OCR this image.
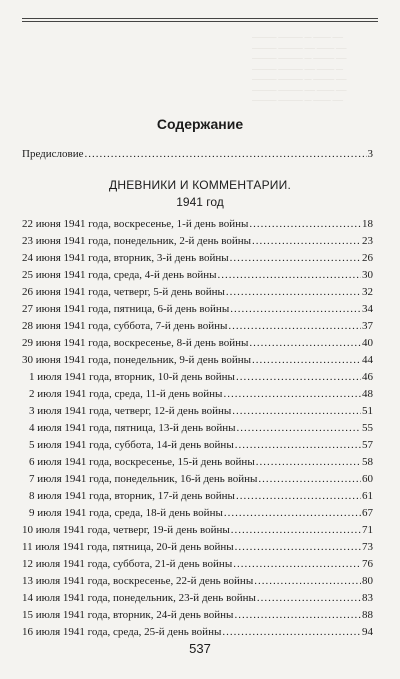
_______ _______ __ _____ ___
_______ _______ ___ _____ ___
_______ _______ __ ______ ___
_______ _______ ___ _____ __
_______ _______ __ ______ ___
_______ _______ ___ _____ ___
_______ _______ __ _____ ___
Содержание
Предисловие .....	3
ДНЕВНИКИ И КОММЕНТАРИИ.
1941 год
22 июня 1941 года, воскресенье, 1-й день войны .....	18
23 июня 1941 года, понедельник, 2-й день войны .....	23
24 июня 1941 года, вторник, 3-й день войны .....	26
25 июня 1941 года, среда, 4-й день войны .....	30
26 июня 1941 года, четверг, 5-й день войны .....	32
27 июня 1941 года, пятница, 6-й день войны .....	34
28 июня 1941 года, суббота, 7-й день войны .....	37
29 июня 1941 года, воскресенье, 8-й день войны .....	40
30 июня 1941 года, понедельник, 9-й день войны .....	44
1 июля 1941 года, вторник, 10-й день войны .....	46
2 июля 1941 года, среда, 11-й день войны .....	48
3 июля 1941 года, четверг, 12-й день войны .....	51
4 июля 1941 года, пятница, 13-й день войны .....	55
5 июля 1941 года, суббота, 14-й день войны .....	57
6 июля 1941 года, воскресенье, 15-й день войны .....	58
7 июля 1941 года, понедельник, 16-й день войны .....	60
8 июля 1941 года, вторник, 17-й день войны .....	61
9 июля 1941 года, среда, 18-й день войны .....	67
10 июля 1941 года, четверг, 19-й день войны .....	71
11 июля 1941 года, пятница, 20-й день войны .....	73
12 июля 1941 года, суббота, 21-й день войны .....	76
13 июля 1941 года, воскресенье, 22-й день войны .....	80
14 июля 1941 года, понедельник, 23-й день войны .....	83
15 июля 1941 года, вторник, 24-й день войны .....	88
16 июля 1941 года, среда, 25-й день войны .....	94
537
